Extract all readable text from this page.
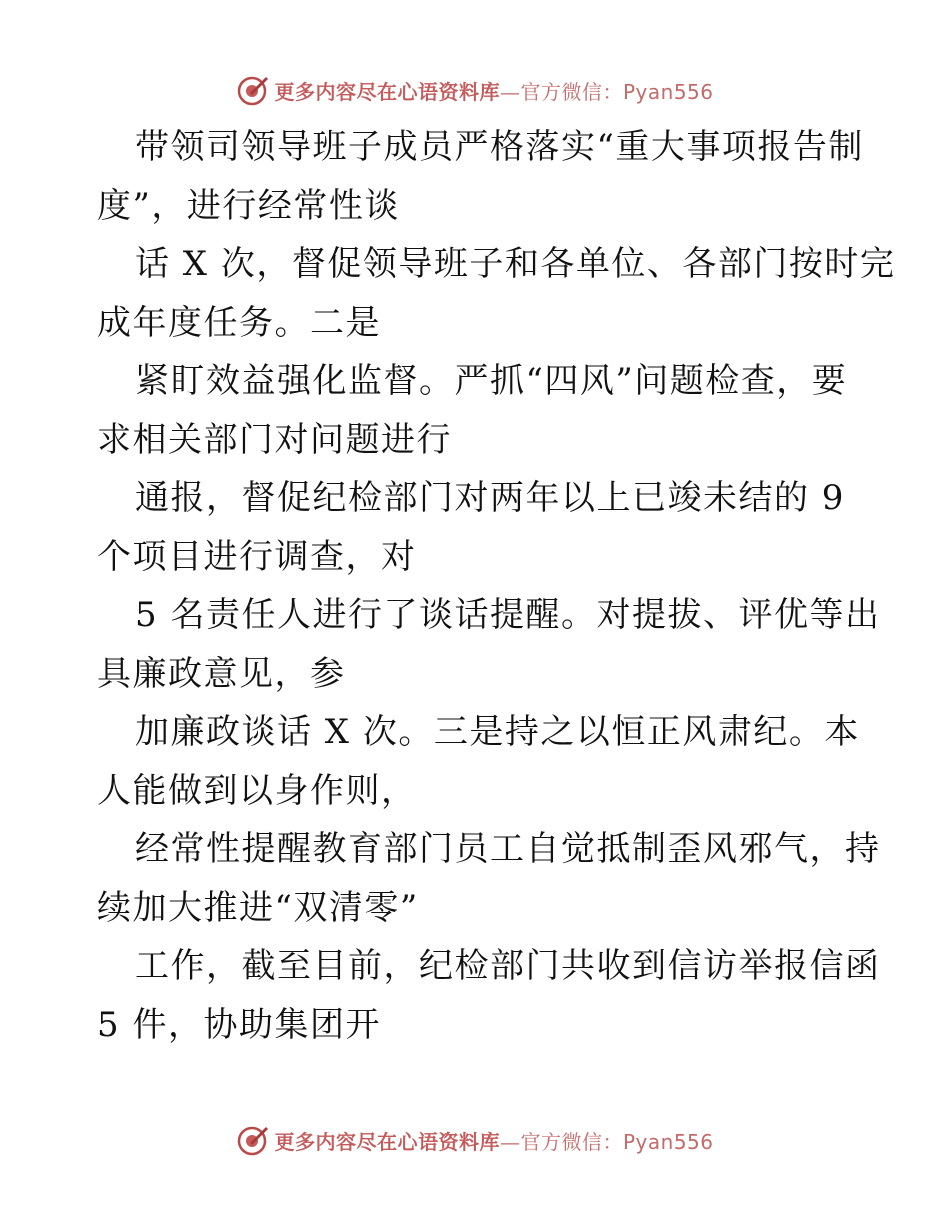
更多内容尽在心语资料库—官方微信：Pyan556
带领司领导班子成员严格落实“重大事项报告制
度”，进行经常性谈
话 X 次，督促领导班子和各单位、各部门按时完
成年度任务。二是
紧盯效益强化监督。严抓“四风”问题检查，要
求相关部门对问题进行
通报，督促纪检部门对两年以上已竣未结的 9
个项目进行调查，对
5 名责任人进行了谈话提醒。对提拔、评优等出
具廉政意见，参
加廉政谈话 X 次。三是持之以恒正风肃纪。本
人能做到以身作则，
经常性提醒教育部门员工自觉抵制歪风邪气，持
续加大推进“双清零”
工作，截至目前，纪检部门共收到信访举报信函
5 件，协助集团开
更多内容尽在心语资料库—官方微信：Pyan556
